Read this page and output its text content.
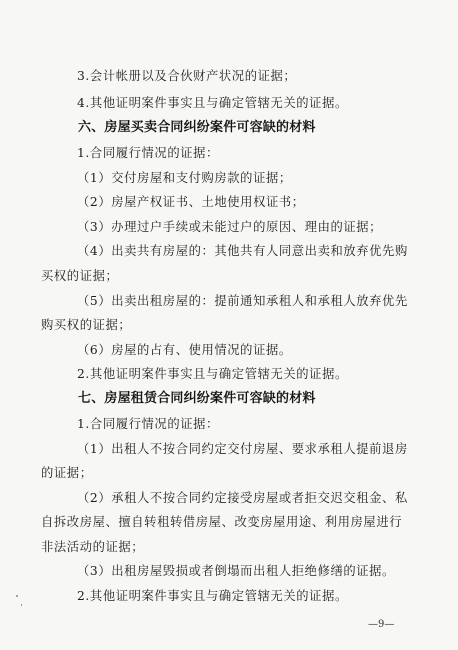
3.会计帐册以及合伙财产状况的证据；
4.其他证明案件事实且与确定管辖无关的证据。
六、房屋买卖合同纠纷案件可容缺的材料
1.合同履行情况的证据：
（1）交付房屋和支付购房款的证据；
（2）房屋产权证书、土地使用权证书；
（3）办理过户手续或未能过户的原因、理由的证据；
（4）出卖共有房屋的：其他共有人同意出卖和放弃优先购
买权的证据；
（5）出卖出租房屋的：提前通知承租人和承租人放弃优先
购买权的证据；
（6）房屋的占有、使用情况的证据。
2.其他证明案件事实且与确定管辖无关的证据。
七、房屋租赁合同纠纷案件可容缺的材料
1.合同履行情况的证据：
（1）出租人不按合同约定交付房屋、要求承租人提前退房
的证据；
（2）承租人不按合同约定接受房屋或者拒交迟交租金、私
自拆改房屋、擅自转租转借房屋、改变房屋用途、利用房屋进行
非法活动的证据；
（3）出租房屋毁损或者倒塌而出租人拒绝修缮的证据。
2.其他证明案件事实且与确定管辖无关的证据。
—9—
